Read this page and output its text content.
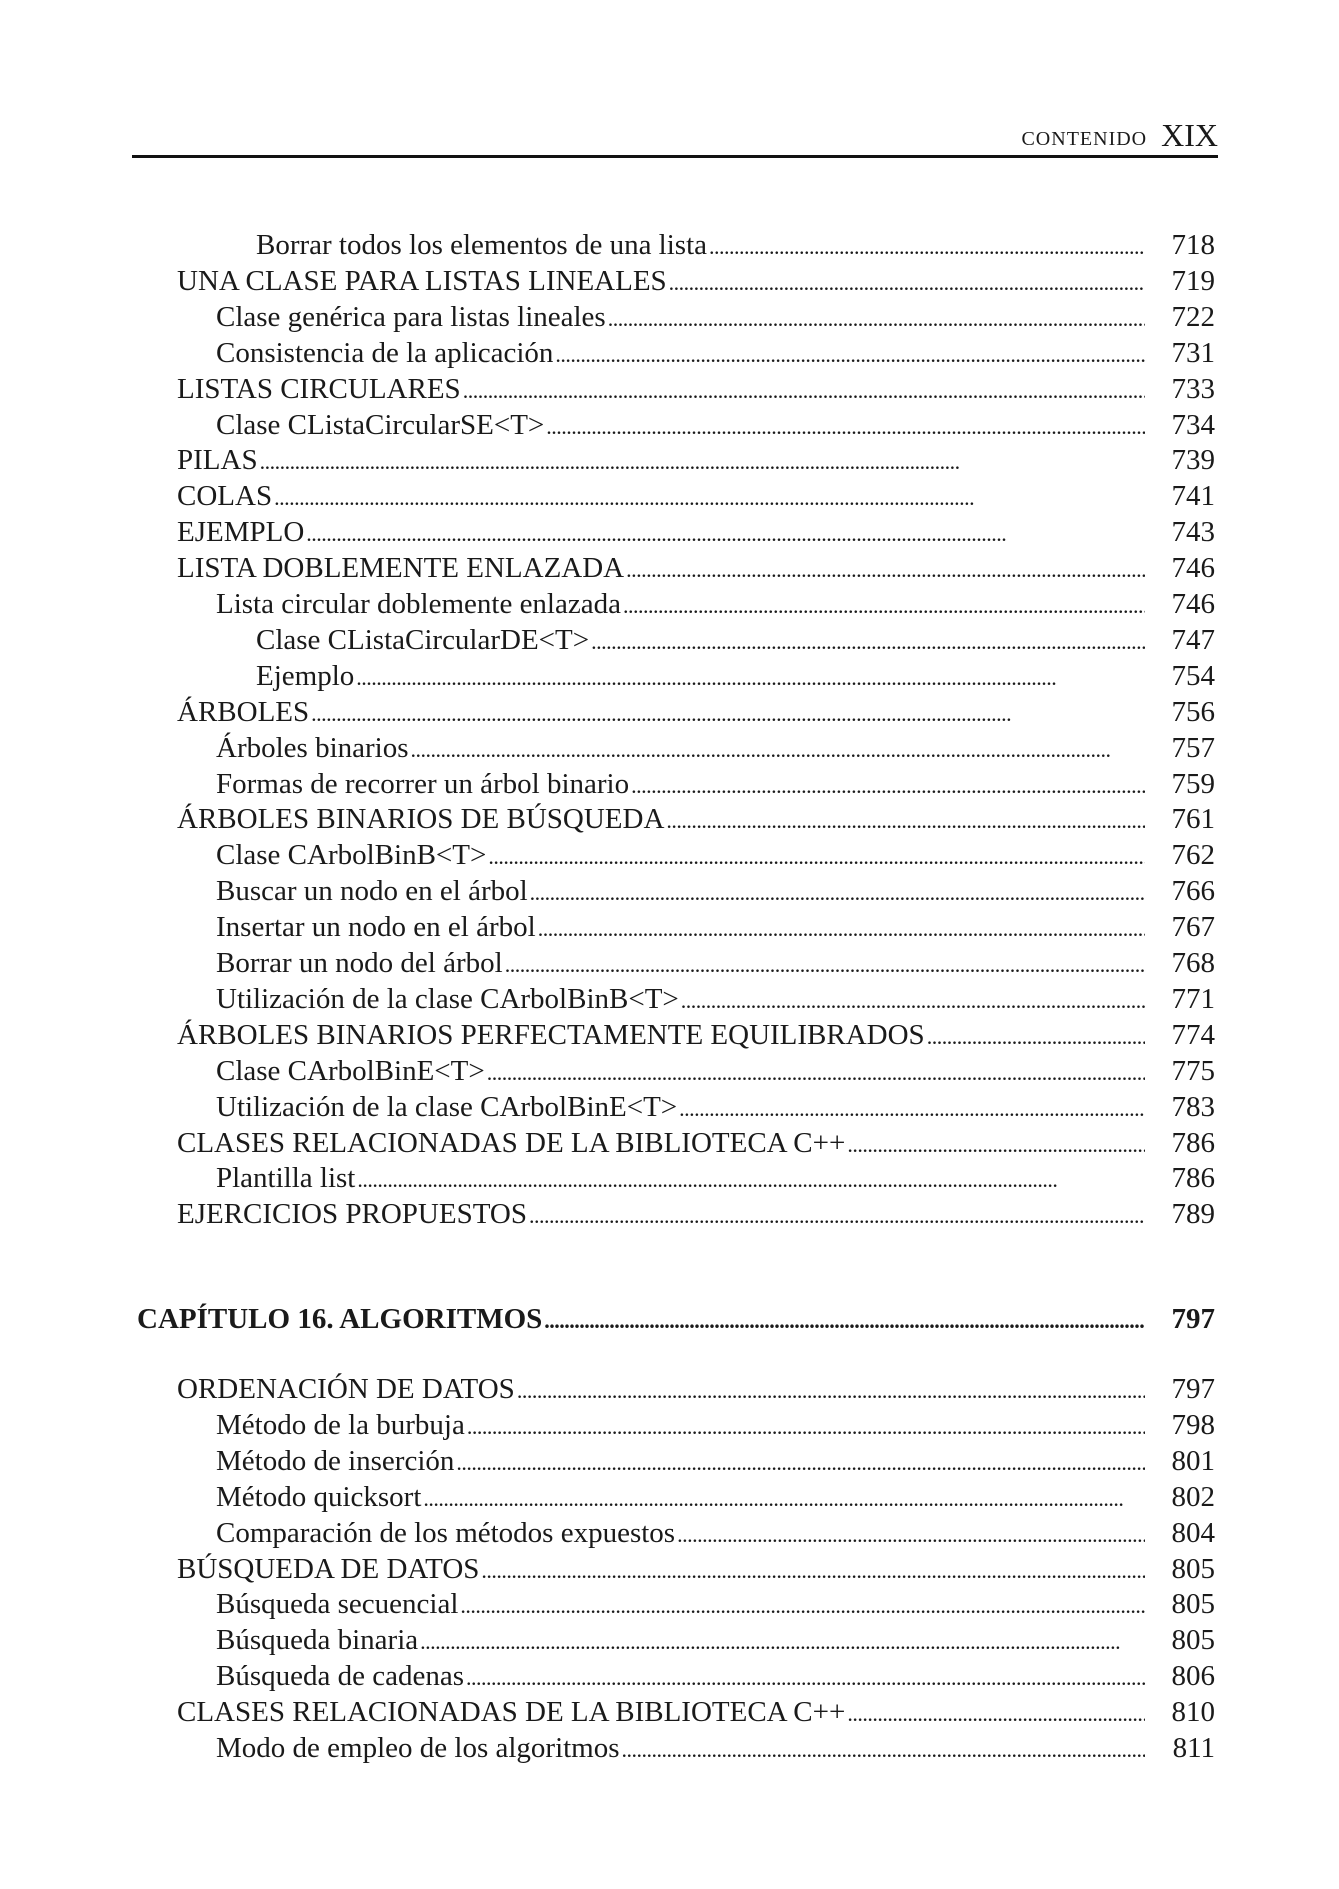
CONTENIDO XIX
Borrar todos los elementos de una lista . . .	718
UNA CLASE PARA LISTAS LINEALES . . .	719
Clase genérica para listas lineales . . .	722
Consistencia de la aplicación . . .	731
LISTAS CIRCULARES . . .	733
Clase CListaCircularSE<T> . . .	734
PILAS . . .	739
COLAS . . .	741
EJEMPLO . . .	743
LISTA DOBLEMENTE ENLAZADA . . .	746
Lista circular doblemente enlazada . . .	746
Clase CListaCircularDE<T> . . .	747
Ejemplo . . .	754
ÁRBOLES . . .	756
Árboles binarios . . .	757
Formas de recorrer un árbol binario . . .	759
ÁRBOLES BINARIOS DE BÚSQUEDA . . .	761
Clase CArbolBinB<T> . . .	762
Buscar un nodo en el árbol . . .	766
Insertar un nodo en el árbol . . .	767
Borrar un nodo del árbol . . .	768
Utilización de la clase CArbolBinB<T> . . .	771
ÁRBOLES BINARIOS PERFECTAMENTE EQUILIBRADOS . . .	774
Clase CArbolBinE<T> . . .	775
Utilización de la clase CArbolBinE<T> . . .	783
CLASES RELACIONADAS DE LA BIBLIOTECA C++ . . .	786
Plantilla list . . .	786
EJERCICIOS PROPUESTOS . . .	789
CAPÍTULO 16. ALGORITMOS . . .	797
ORDENACIÓN DE DATOS . . .	797
Método de la burbuja . . .	798
Método de inserción . . .	801
Método quicksort . . .	802
Comparación de los métodos expuestos . . .	804
BÚSQUEDA DE DATOS . . .	805
Búsqueda secuencial . . .	805
Búsqueda binaria . . .	805
Búsqueda de cadenas . . .	806
CLASES RELACIONADAS DE LA BIBLIOTECA C++ . . .	810
Modo de empleo de los algoritmos . . .	811
